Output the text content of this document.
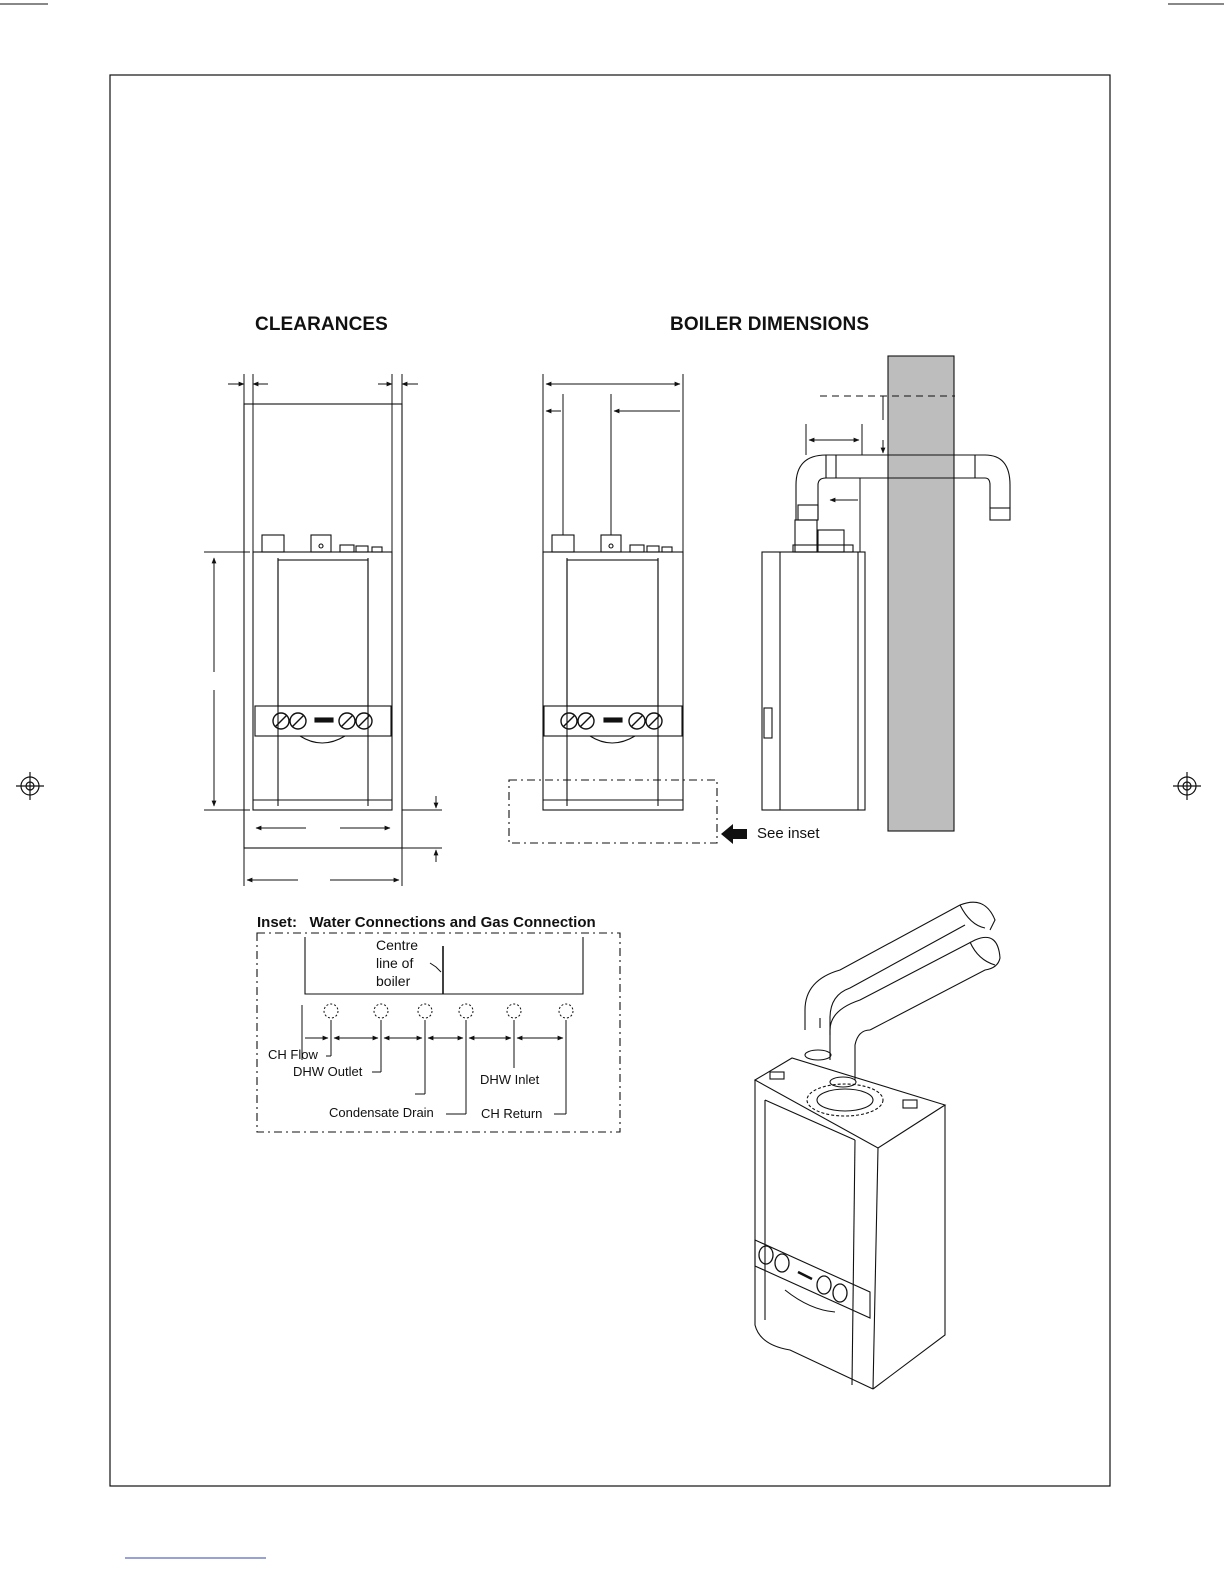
CLEARANCES	BOILER DIMENSIONS
See inset
Inset:   Water Connections and Gas Connection
Centre
line of
boiler
CH Flow
DHW Outlet
Condensate Drain
DHW Inlet
CH Return
